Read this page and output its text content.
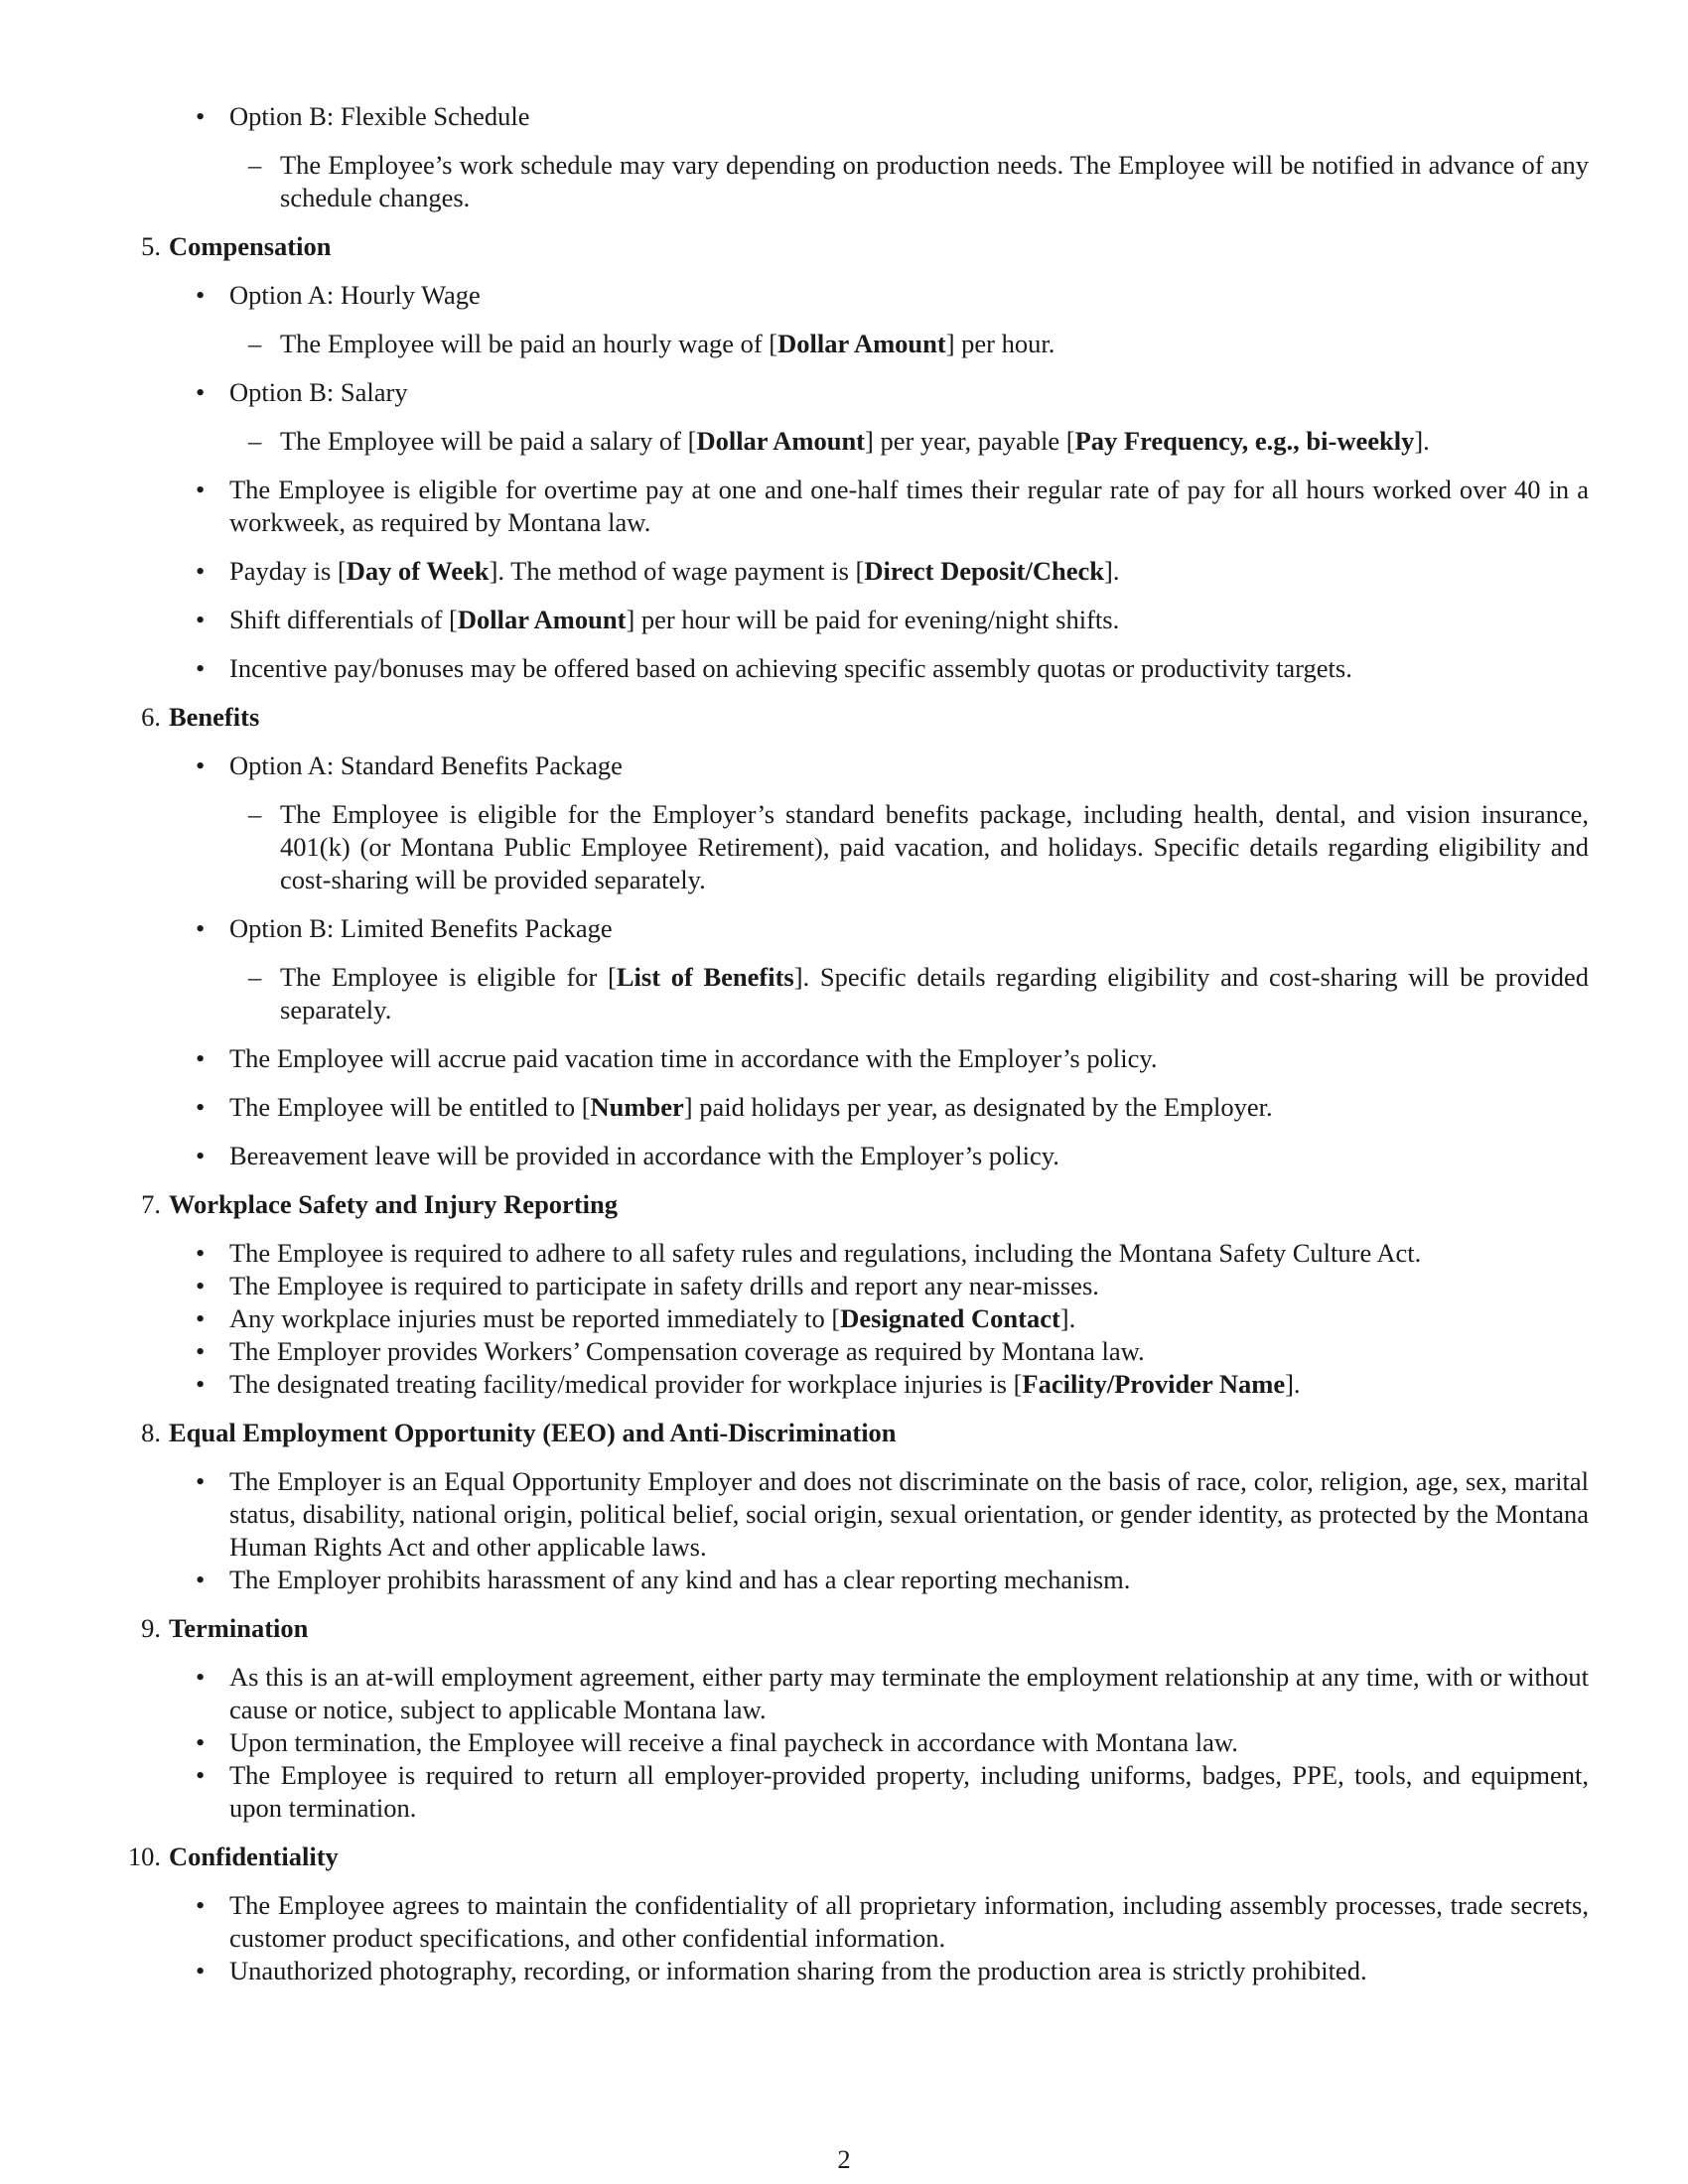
• Option B: Flexible Schedule
– The Employee’s work schedule may vary depending on production needs. The Employee will be notified in advance of any schedule changes.
5. Compensation
• Option A: Hourly Wage
– The Employee will be paid an hourly wage of [Dollar Amount] per hour.
• Option B: Salary
– The Employee will be paid a salary of [Dollar Amount] per year, payable [Pay Frequency, e.g., bi-weekly].
• The Employee is eligible for overtime pay at one and one-half times their regular rate of pay for all hours worked over 40 in a workweek, as required by Montana law.
• Payday is [Day of Week]. The method of wage payment is [Direct Deposit/Check].
• Shift differentials of [Dollar Amount] per hour will be paid for evening/night shifts.
• Incentive pay/bonuses may be offered based on achieving specific assembly quotas or productivity targets.
6. Benefits
• Option A: Standard Benefits Package
– The Employee is eligible for the Employer’s standard benefits package, including health, dental, and vision insurance, 401(k) (or Montana Public Employee Retirement), paid vacation, and holidays. Specific details regarding eligibility and cost-sharing will be provided separately.
• Option B: Limited Benefits Package
– The Employee is eligible for [List of Benefits]. Specific details regarding eligibility and cost-sharing will be provided separately.
• The Employee will accrue paid vacation time in accordance with the Employer’s policy.
• The Employee will be entitled to [Number] paid holidays per year, as designated by the Employer.
• Bereavement leave will be provided in accordance with the Employer’s policy.
7. Workplace Safety and Injury Reporting
• The Employee is required to adhere to all safety rules and regulations, including the Montana Safety Culture Act.
• The Employee is required to participate in safety drills and report any near-misses.
• Any workplace injuries must be reported immediately to [Designated Contact].
• The Employer provides Workers’ Compensation coverage as required by Montana law.
• The designated treating facility/medical provider for workplace injuries is [Facility/Provider Name].
8. Equal Employment Opportunity (EEO) and Anti-Discrimination
• The Employer is an Equal Opportunity Employer and does not discriminate on the basis of race, color, religion, age, sex, marital status, disability, national origin, political belief, social origin, sexual orientation, or gender identity, as protected by the Montana Human Rights Act and other applicable laws.
• The Employer prohibits harassment of any kind and has a clear reporting mechanism.
9. Termination
• As this is an at-will employment agreement, either party may terminate the employment relationship at any time, with or without cause or notice, subject to applicable Montana law.
• Upon termination, the Employee will receive a final paycheck in accordance with Montana law.
• The Employee is required to return all employer-provided property, including uniforms, badges, PPE, tools, and equipment, upon termination.
10. Confidentiality
• The Employee agrees to maintain the confidentiality of all proprietary information, including assembly processes, trade secrets, customer product specifications, and other confidential information.
• Unauthorized photography, recording, or information sharing from the production area is strictly prohibited.
2
